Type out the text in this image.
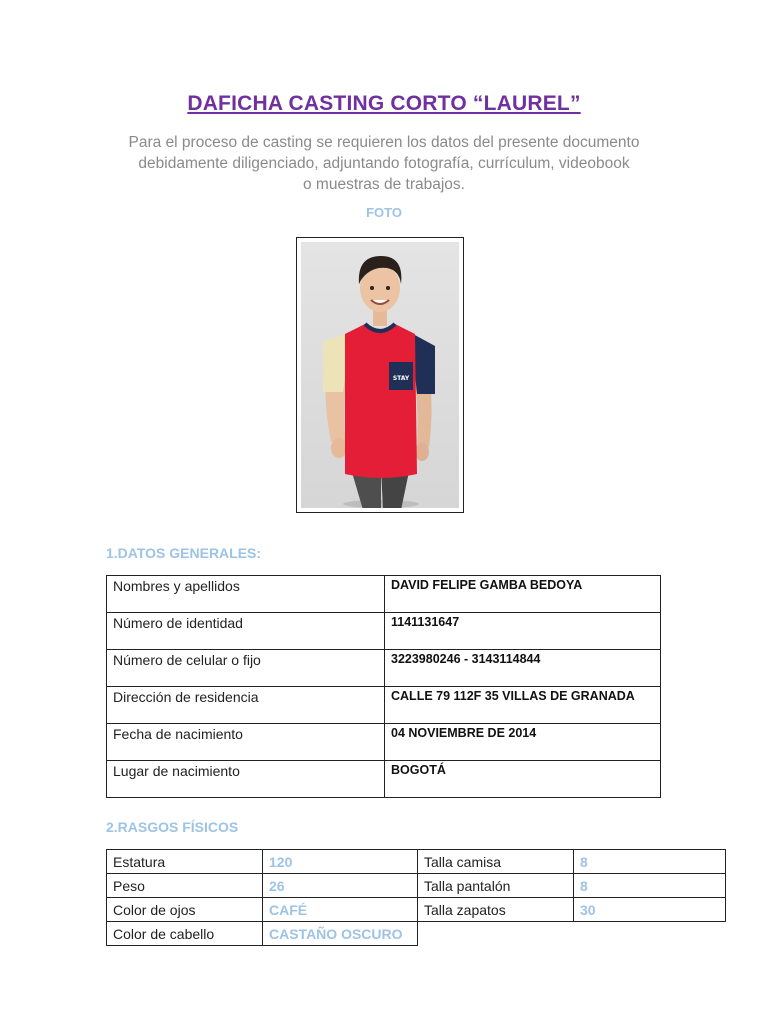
DAFICHA CASTING CORTO “LAUREL”
Para el proceso de casting se requieren los datos del presente documento
debidamente diligenciado, adjuntando fotografía, currículum, videobook
o muestras de trabajos.
FOTO
STAY
1.DATOS GENERALES:
Nombres y apellidos	DAVID FELIPE GAMBA BEDOYA
Número de identidad	1141131647
Número de celular o fijo	3223980246 - 3143114844
Dirección de residencia	CALLE 79 112F 35 VILLAS DE GRANADA
Fecha de nacimiento	04 NOVIEMBRE DE 2014
Lugar de nacimiento	BOGOTÁ
2.RASGOS FÍSICOS
Estatura	120	Talla camisa	8
Peso	26	Talla pantalón	8
Color de ojos	CAFÉ	Talla zapatos	30
Color de cabello	CASTAÑO OSCURO		
